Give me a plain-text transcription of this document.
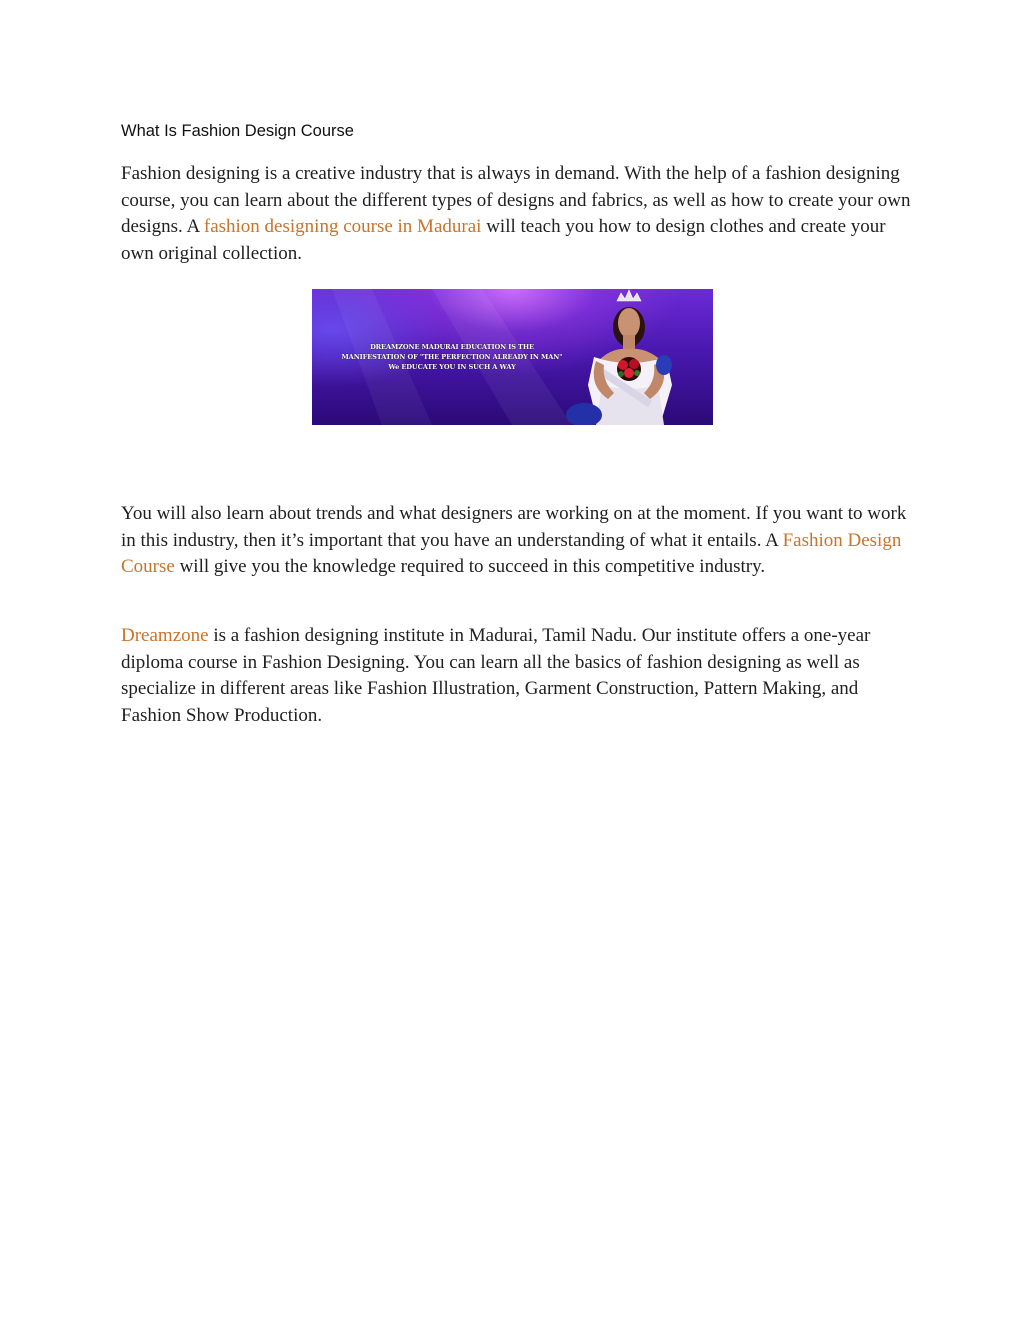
What Is Fashion Design Course

Fashion designing is a creative industry that is always in demand. With the help of a fashion designing course, you can learn about the different types of designs and fabrics, as well as how to create your own designs. A fashion designing course in Madurai will teach you how to design clothes and create your own original collection.

DREAMZONE MADURAI EDUCATION IS THE
MANIFESTATION OF "THE PERFECTION ALREADY IN MAN"
We EDUCATE YOU IN SUCH A WAY

You will also learn about trends and what designers are working on at the moment. If you want to work in this industry, then it’s important that you have an understanding of what it entails. A Fashion Design Course will give you the knowledge required to succeed in this competitive industry.

Dreamzone is a fashion designing institute in Madurai, Tamil Nadu. Our institute offers a one-year diploma course in Fashion Designing. You can learn all the basics of fashion designing as well as specialize in different areas like Fashion Illustration, Garment Construction, Pattern Making, and Fashion Show Production.
